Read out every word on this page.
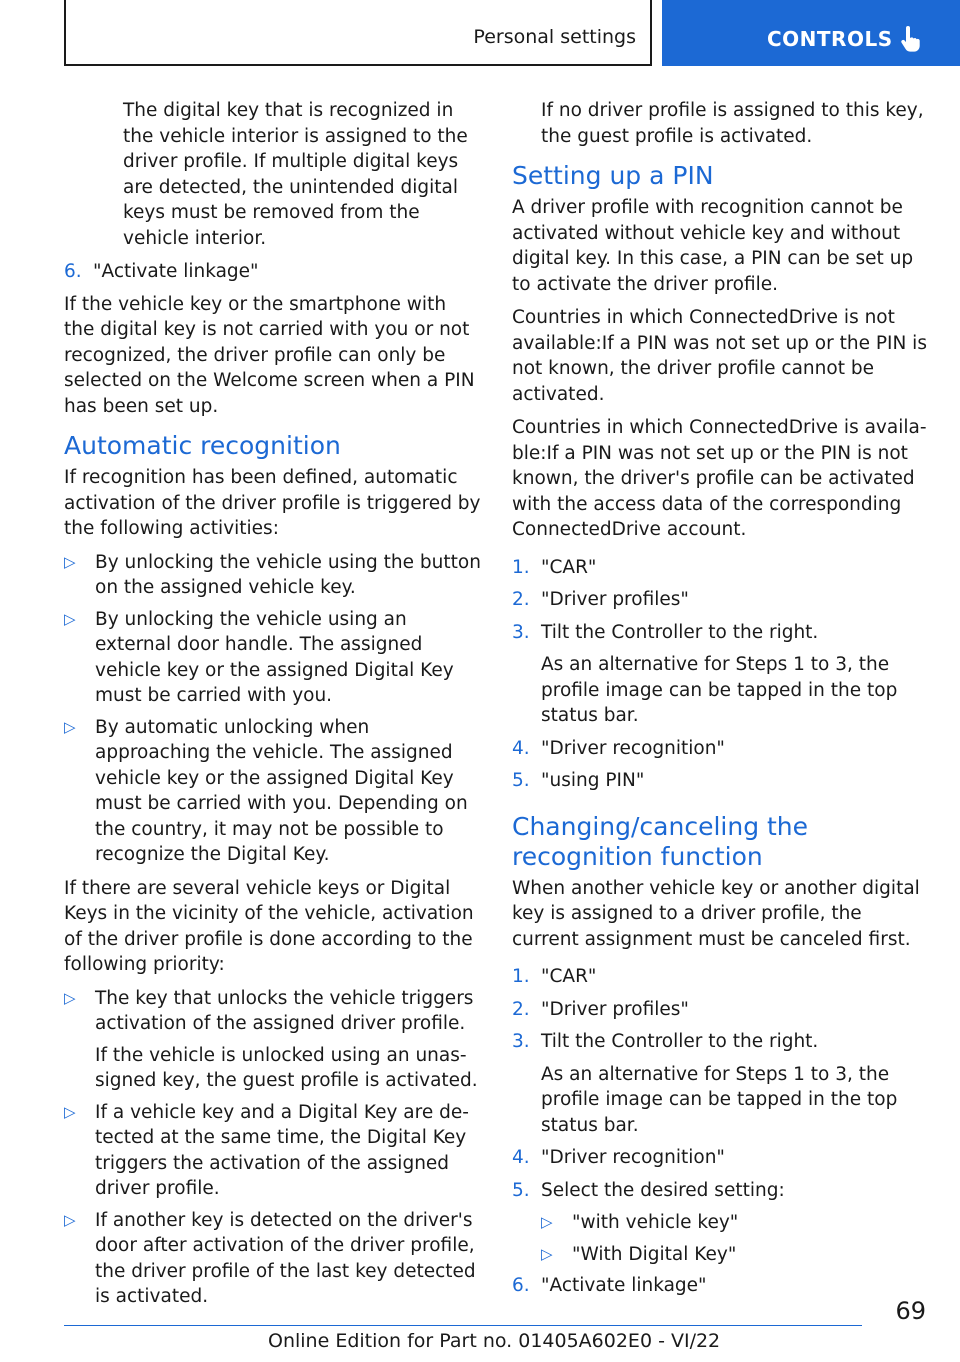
Personal settings	CONTROLS

The digital key that is recognized in the vehicle interior is assigned to the driver profile. If multiple digital keys are detected, the unintended digital keys must be removed from the vehicle interior.

6. "Activate linkage"

If the vehicle key or the smartphone with the digital key is not carried with you or not recognized, the driver profile can only be selected on the Welcome screen when a PIN has been set up.

Automatic recognition

If recognition has been defined, automatic activation of the driver profile is triggered by the following activities:

▷	By unlocking the vehicle using the button on the assigned vehicle key.
▷	By unlocking the vehicle using an external door handle. The assigned vehicle key or the assigned Digital Key must be carried with you.
▷	By automatic unlocking when approaching the vehicle. The assigned vehicle key or the assigned Digital Key must be carried with you. Depending on the country, it may not be possible to recognize the Digital Key.

If there are several vehicle keys or Digital Keys in the vicinity of the vehicle, activation of the driver profile is done according to the following priority:

▷	The key that unlocks the vehicle triggers activation of the assigned driver profile.
If the vehicle is unlocked using an unassigned key, the guest profile is activated.
▷	If a vehicle key and a Digital Key are detected at the same time, the Digital Key triggers the activation of the assigned driver profile.
▷	If another key is detected on the driver's door after activation of the driver profile, the driver profile of the last key detected is activated.

If no driver profile is assigned to this key, the guest profile is activated.

Setting up a PIN

A driver profile with recognition cannot be activated without vehicle key and without digital key. In this case, a PIN can be set up to activate the driver profile.

Countries in which ConnectedDrive is not available:If a PIN was not set up or the PIN is not known, the driver profile cannot be activated.

Countries in which ConnectedDrive is available:If a PIN was not set up or the PIN is not known, the driver's profile can be activated with the access data of the corresponding ConnectedDrive account.

1. "CAR"
2. "Driver profiles"
3. Tilt the Controller to the right.
As an alternative for Steps 1 to 3, the profile image can be tapped in the top status bar.
4. "Driver recognition"
5. "using PIN"
Changing/canceling the recognition function

When another vehicle key or another digital key is assigned to a driver profile, the current assignment must be canceled first.

1. "CAR"
2. "Driver profiles"
3. Tilt the Controller to the right.
As an alternative for Steps 1 to 3, the profile image can be tapped in the top status bar.
4. "Driver recognition"
5. Select the desired setting:
▷	"with vehicle key"
▷	"With Digital Key"
6. "Activate linkage"
69
Online Edition for Part no. 01405A602E0 - VI/22
